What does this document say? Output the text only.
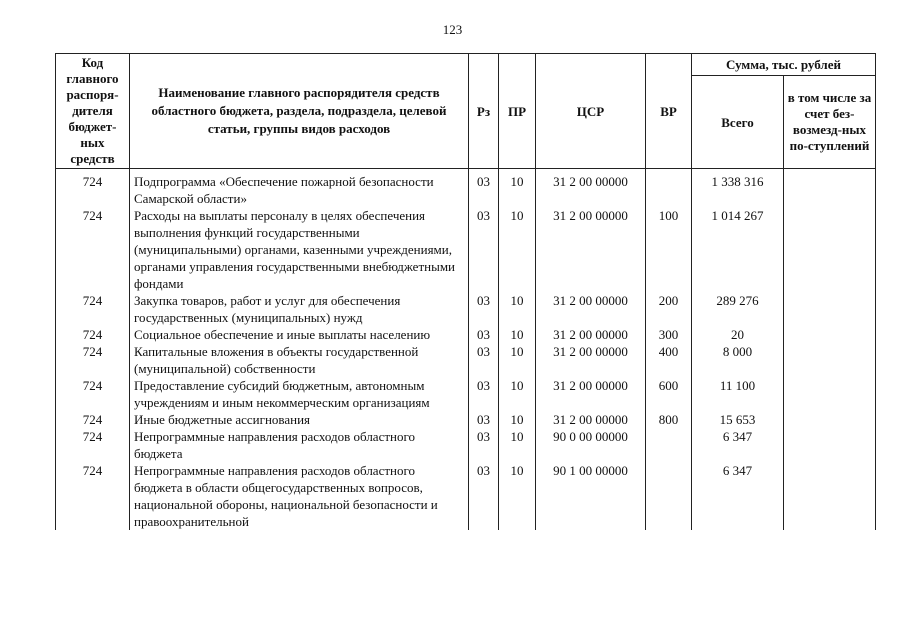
123
Код главного распоря-дителя бюджет-ных средств	Наименование главного распорядителя средств областного бюджета, раздела, подраздела, целевой статьи, группы видов расходов	Рз	ПР	ЦСР	ВР	Сумма, тыс. рублей	
						Всего	в том числе за счет без-возмезд-ных по-ступлений
724	Подпрограмма «Обеспечение пожарной безопасности Самарской области»	03	10	31 2 00 00000		1 338 316	
724	Расходы на выплаты персоналу в целях обеспечения выполнения функций государственными (муниципальными) органами, казенными учреждениями, органами управления государственными внебюджетными фондами	03	10	31 2 00 00000	100	1 014 267	
724	Закупка товаров, работ и услуг для обеспечения государственных (муниципальных) нужд	03	10	31 2 00 00000	200	289 276	
724	Социальное обеспечение и иные выплаты населению	03	10	31 2 00 00000	300	20	
724	Капитальные вложения в объекты государственной (муниципальной) собственности	03	10	31 2 00 00000	400	8 000	
724	Предоставление субсидий бюджетным, автономным учреждениям и иным некоммерческим организациям	03	10	31 2 00 00000	600	11 100	
724	Иные бюджетные ассигнования	03	10	31 2 00 00000	800	15 653	
724	Непрограммные направления расходов областного бюджета	03	10	90 0 00 00000		6 347	
724	Непрограммные направления расходов областного бюджета в области общегосударственных вопросов, национальной обороны, национальной безопасности и правоохранительной	03	10	90 1 00 00000		6 347	
